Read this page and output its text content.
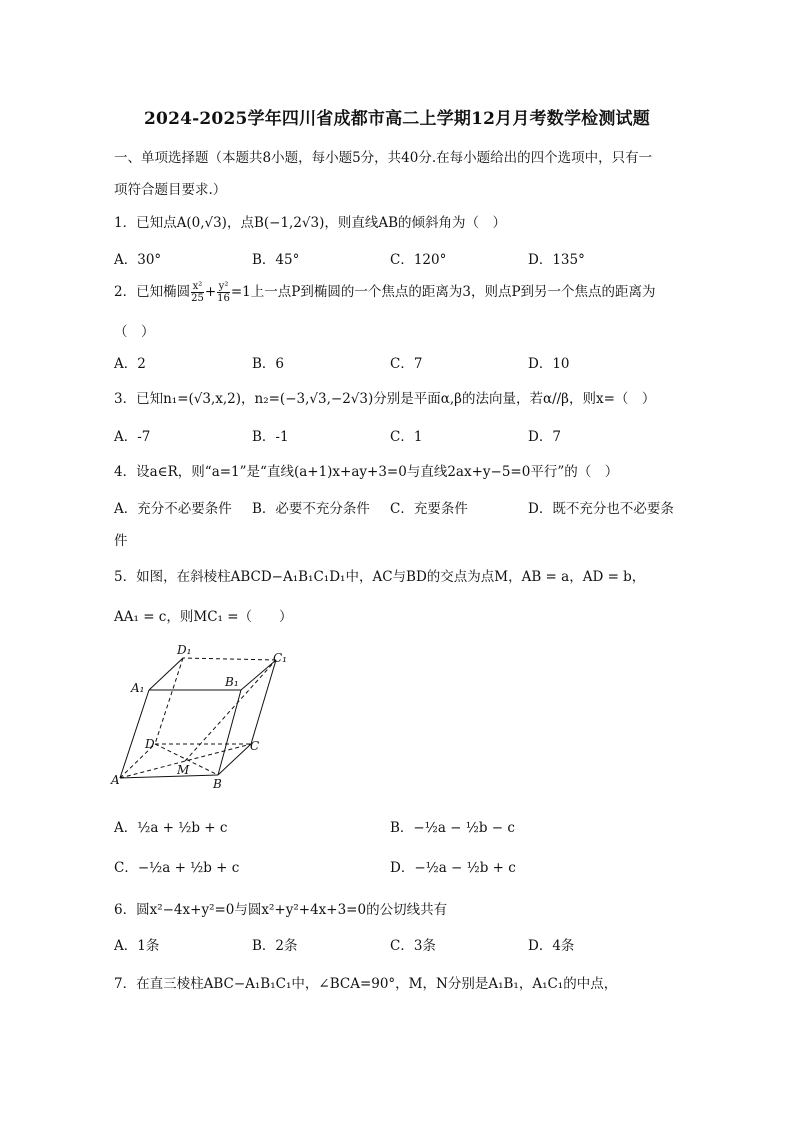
2024-2025学年四川省成都市高二上学期12月月考数学检测试题
一、单项选择题（本题共8小题，每小题5分，共40分.在每小题给出的四个选项中，只有一
项符合题目要求.）
1．已知点A(0,√3)，点B(−1,2√3)，则直线AB的倾斜角为（　）
A．30°	B．45°	C．120°	D．135°
2．已知椭圆 $\frac{\text{x²}}{25} + \frac{\text{y²}}{16} =1$上一点P到椭圆的一个焦点的距离为3，则点P到另一个焦点的距离为
（　）
A．2	B．6	C．7	D．10
3．已知n₁=(√3,x,2)，n₂=(−3,√3,−2√3)分别是平面α,β的法向量，若α//β，则x=（　）
A．-7	B．-1	C．1	D．7
4．设a∈R，则“a=1”是“直线(a+1)x+ay+3=0与直线2ax+y−5=0平行”的（　）
A．充分不必要条件 B．必要不充分条件 C．充要条件	D．既不充分也不必要条
件
5．如图，在斜棱柱ABCD−A₁B₁C₁D₁中，AC与BD的交点为点M，AB = a，AD = b，
AA₁ = c，则MC₁ =（　　）
D₁
C₁
A₁	B₁
D	C
M
A	B
A．½a + ½b + c	B．−½a − ½b − c
C．−½a + ½b + c	D．−½a − ½b + c
6．圆x²−4x+y²=0与圆x²+y²+4x+3=0的公切线共有
A．1条	B．2条	C．3条	D．4条
7．在直三棱柱ABC−A₁B₁C₁中，∠BCA=90°，M，N分别是A₁B₁，A₁C₁的中点，
